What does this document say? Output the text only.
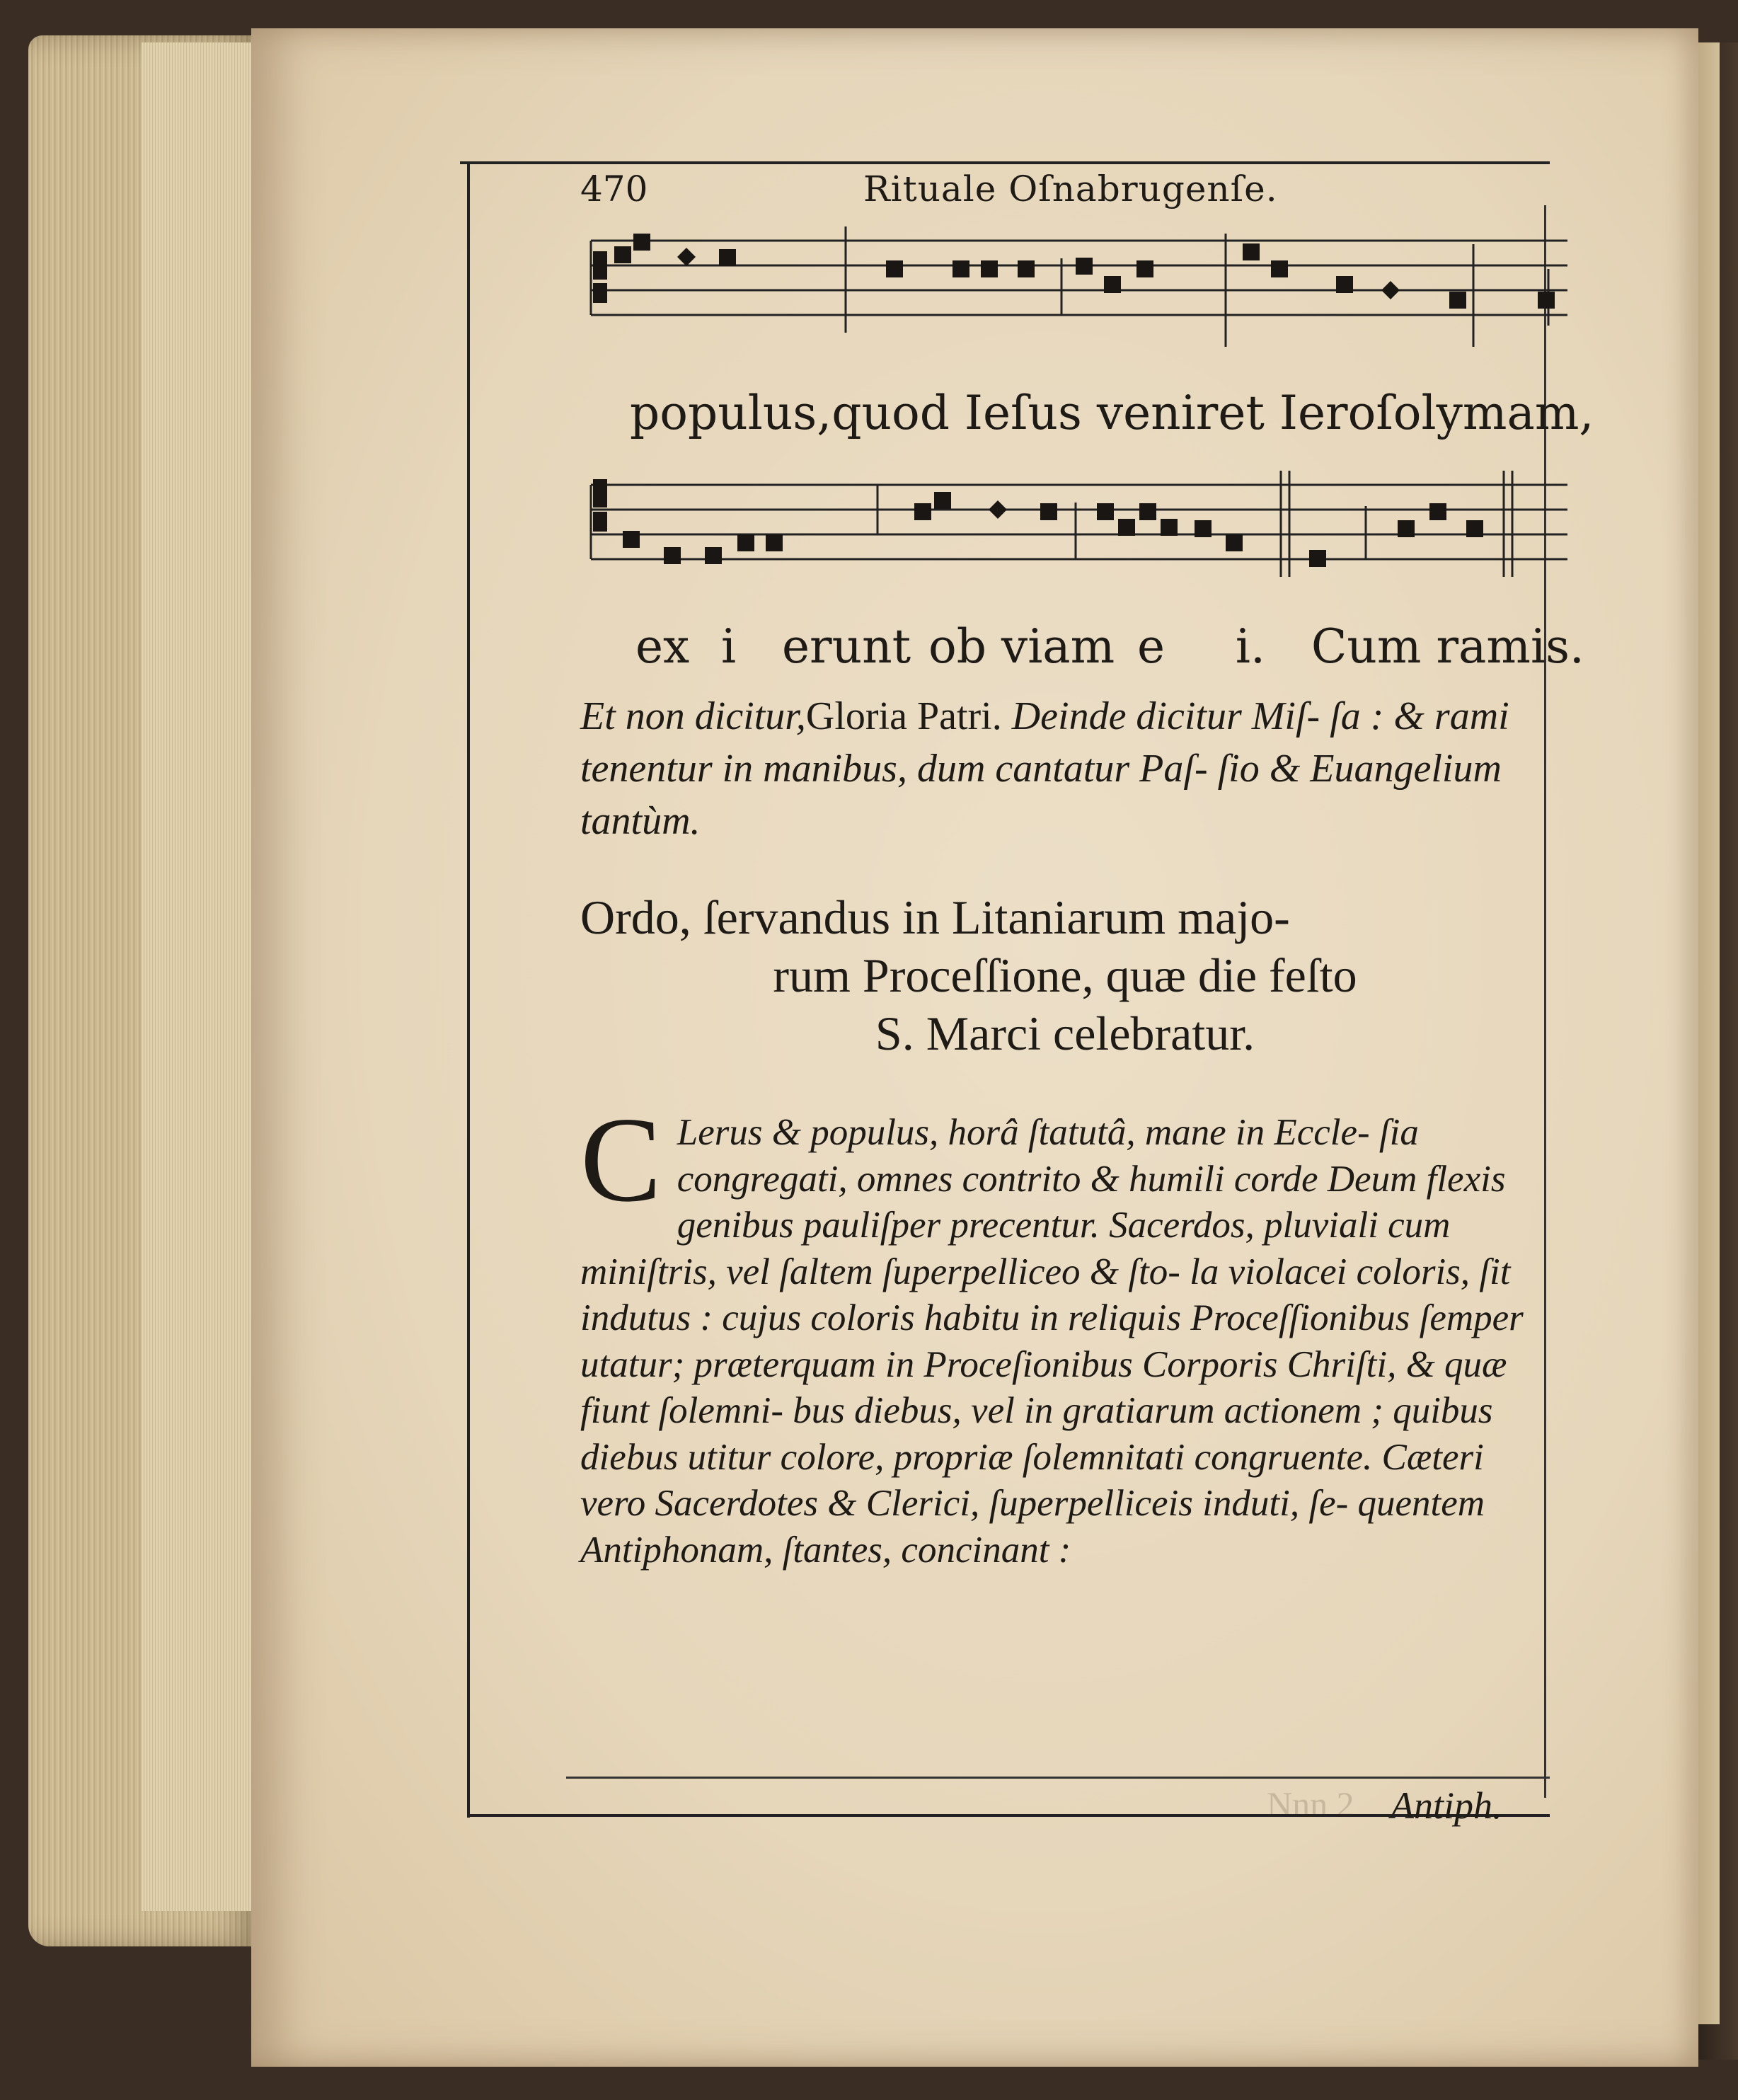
470	Rituale Oſnabrugenſe.
populus,quod Ieſus veniret Ieroſolymam,
ex i erunt ob viam e i. Cum ramis.
Et non dicitur,Gloria Patri. Deinde dicitur Miſ- ſa : & rami tenentur in manibus, dum cantatur Paſ- ſio & Euangelium tantùm.
Ordo, ſervandus in Litaniarum majo-
rum Proceſſione, quæ die feſto
S. Marci celebratur.
C Lerus & populus, horâ ſtatutâ, mane in Eccle- ſia congregati, omnes contrito & humili corde Deum flexis genibus pauliſper precentur. Sacerdos, pluviali cum miniſtris, vel ſaltem ſuperpelliceo & ſto- la violacei coloris, ſit indutus : cujus coloris habitu in reliquis Proceſſionibus ſemper utatur; præterquam in Proceſionibus Corporis Chriſti, & quæ fiunt ſolemni- bus diebus, vel in gratiarum actionem ; quibus diebus utitur colore, propriæ ſolemnitati congruente. Cæteri vero Sacerdotes & Clerici, ſuperpelliceis induti, ſe- quentem Antiphonam, ſtantes, concinant :
Nnn 2 Antiph.
